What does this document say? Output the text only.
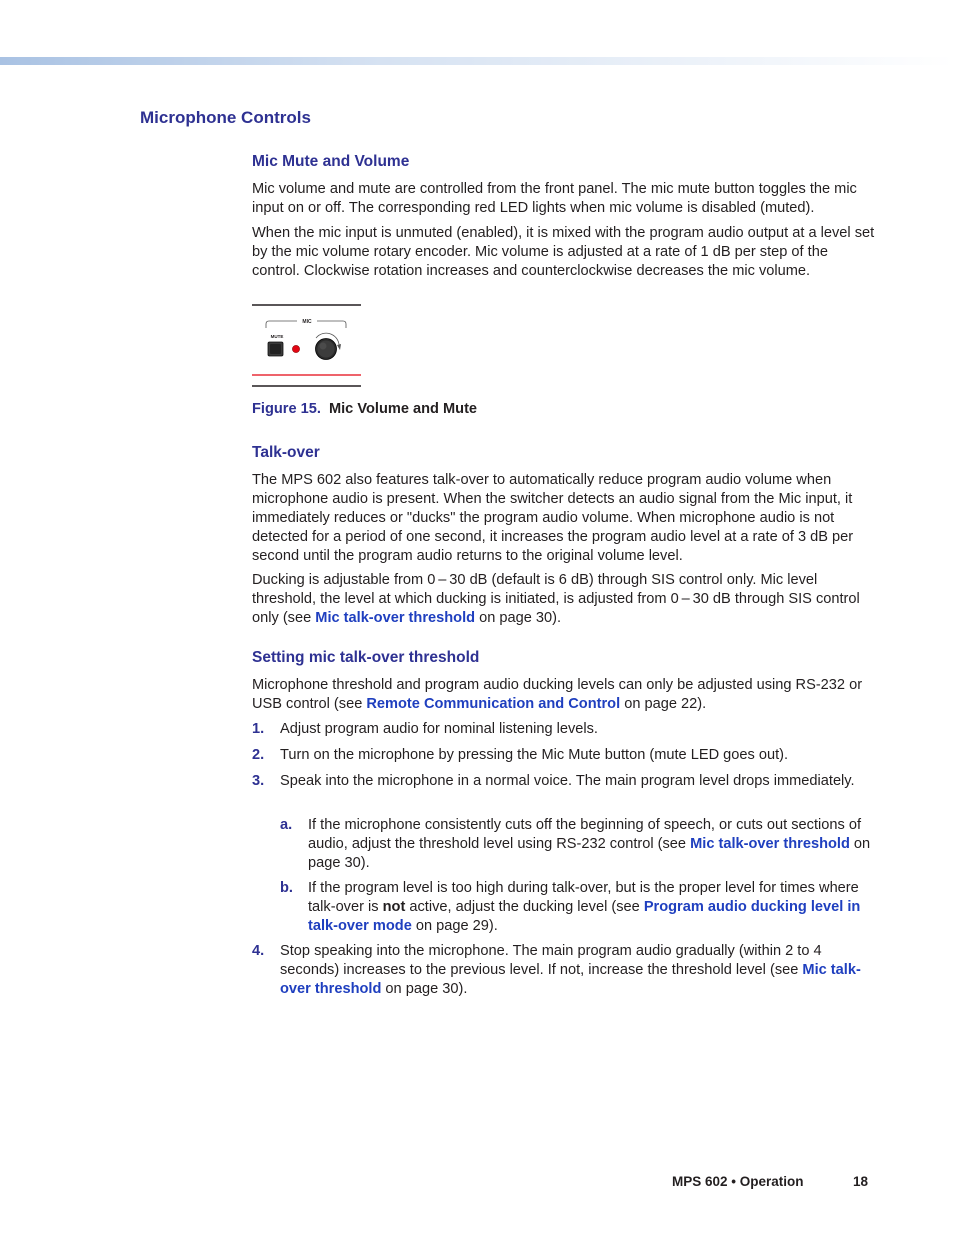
Microphone Controls
Mic Mute and Volume

Mic volume and mute are controlled from the front panel. The mic mute button toggles the mic input on or off. The corresponding red LED lights when mic volume is disabled (muted).

When the mic input is unmuted (enabled), it is mixed with the program audio output at a level set by the mic volume rotary encoder. Mic volume is adjusted at a rate of 1 dB per step of the control. Clockwise rotation increases and counterclockwise decreases the mic volume.

MIC
MUTE

Figure 15. Mic Volume and Mute

Talk-over

The MPS 602 also features talk-over to automatically reduce program audio volume when microphone audio is present. When the switcher detects an audio signal from the Mic input, it immediately reduces or "ducks" the program audio volume. When microphone audio is not detected for a period of one second, it increases the program audio level at a rate of 3 dB per second until the program audio returns to the original volume level.

Ducking is adjustable from 0 – 30 dB (default is 6 dB) through SIS control only. Mic level threshold, the level at which ducking is initiated, is adjusted from 0 – 30 dB through SIS control only (see Mic talk-over threshold on page 30).

Setting mic talk-over threshold

Microphone threshold and program audio ducking levels can only be adjusted using RS-232 or USB control (see Remote Communication and Control on page 22).

1. Adjust program audio for nominal listening levels.
2. Turn on the microphone by pressing the Mic Mute button (mute LED goes out).
3. Speak into the microphone in a normal voice. The main program level drops immediately.
a. If the microphone consistently cuts off the beginning of speech, or cuts out sections of audio, adjust the threshold level using RS-232 control (see Mic talk-over threshold on page 30).
b. If the program level is too high during talk-over, but is the proper level for times where talk-over is not active, adjust the ducking level (see Program audio ducking level in talk-over mode on page 29).
4. Stop speaking into the microphone. The main program audio gradually (within 2 to 4 seconds) increases to the previous level. If not, increase the threshold level (see Mic talk-over threshold on page 30).
MPS 602 • Operation	18
